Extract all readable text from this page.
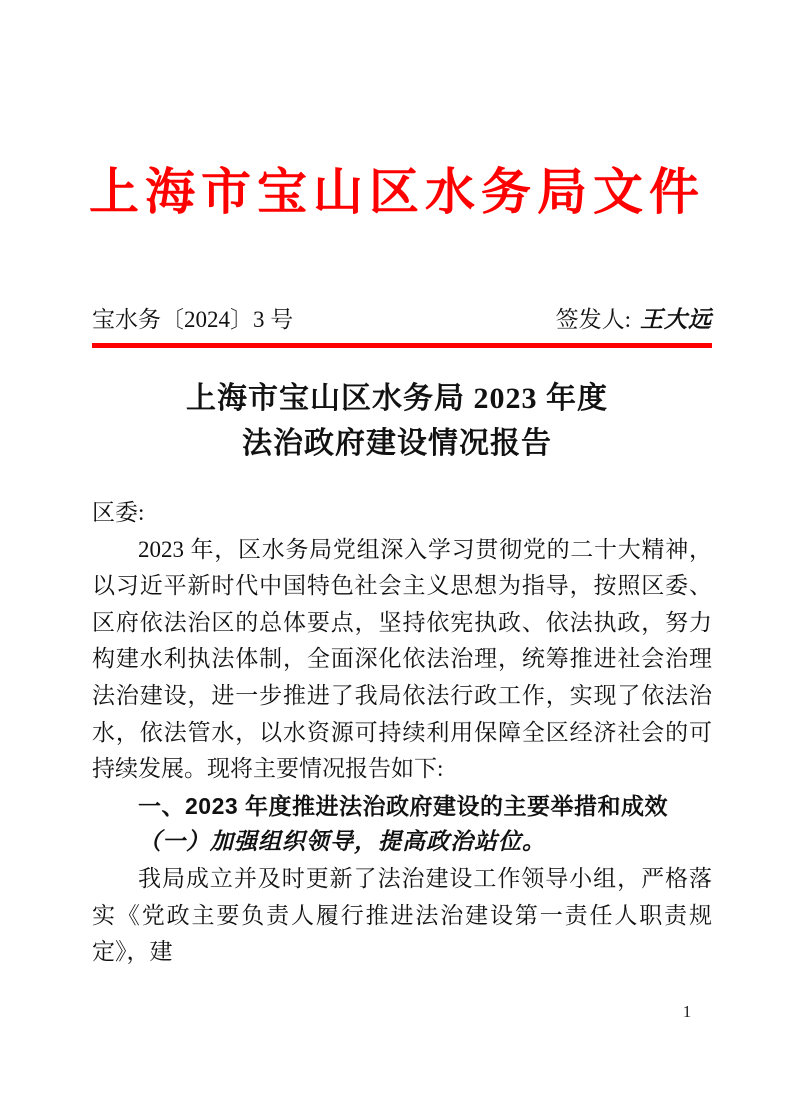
上海市宝山区水务局文件
宝水务〔2024〕3 号	签发人: 王大远
上海市宝山区水务局 2023 年度
法治政府建设情况报告

区委:

2023 年，区水务局党组深入学习贯彻党的二十大精神，以习近平新时代中国特色社会主义思想为指导，按照区委、区府依法治区的总体要点，坚持依宪执政、依法执政，努力构建水利执法体制，全面深化依法治理，统筹推进社会治理法治建设，进一步推进了我局依法行政工作，实现了依法治水，依法管水，以水资源可持续利用保障全区经济社会的可持续发展。现将主要情况报告如下:

一、2023 年度推进法治政府建设的主要举措和成效

（一）加强组织领导，提高政治站位。

我局成立并及时更新了法治建设工作领导小组，严格落实《党政主要负责人履行推进法治建设第一责任人职责规定》，建

1
